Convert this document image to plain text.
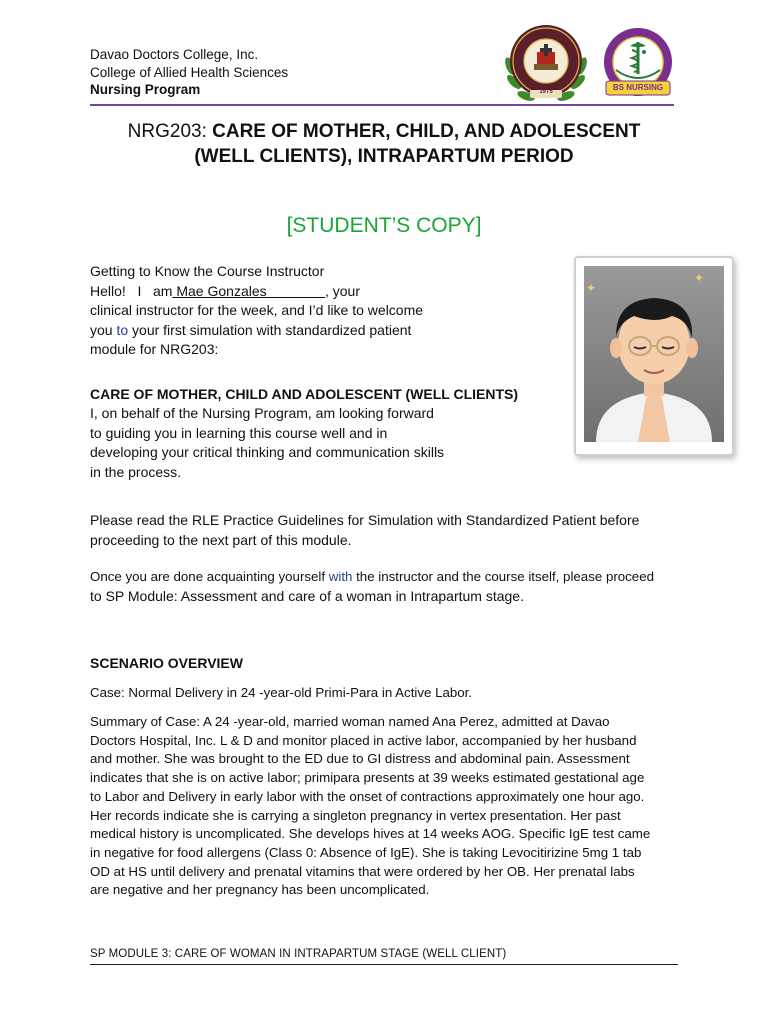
Davao Doctors College, Inc.
College of Allied Health Sciences
Nursing Program	1975	BS NURSING
NRG203: CARE OF MOTHER, CHILD, AND ADOLESCENT
(WELL CLIENTS), INTRAPARTUM PERIOD
[STUDENT’S COPY]
Getting to Know the Course Instructor
Hello!   I   am Mae Gonzales               , your
clinical instructor for the week, and I’d like to welcome
you to your first simulation with standardized patient
module for NRG203:
✦
✦
CARE OF MOTHER, CHILD AND ADOLESCENT (WELL CLIENTS)
I, on behalf of the Nursing Program, am looking forward
to guiding you in learning this course well and in
developing your critical thinking and communication skills
in the process.
Please read the RLE Practice Guidelines for Simulation with Standardized Patient before
proceeding to the next part of this module.
Once you are done acquainting yourself with the instructor and the course itself, please proceed
to SP Module: Assessment and care of a woman in Intrapartum stage.
SCENARIO OVERVIEW
Case: Normal Delivery in 24 -year-old Primi-Para in Active Labor.
Summary of Case: A 24 -year-old, married woman named Ana Perez, admitted at Davao
Doctors Hospital, Inc. L & D and monitor placed in active labor, accompanied by her husband
and mother. She was brought to the ED due to GI distress and abdominal pain. Assessment
indicates that she is on active labor; primipara presents at 39 weeks estimated gestational age
to Labor and Delivery in early labor with the onset of contractions approximately one hour ago.
Her records indicate she is carrying a singleton pregnancy in vertex presentation. Her past
medical history is uncomplicated. She develops hives at 14 weeks AOG. Specific IgE test came
in negative for food allergens (Class 0: Absence of IgE). She is taking Levocitirizine 5mg 1 tab
OD at HS until delivery and prenatal vitamins that were ordered by her OB. Her prenatal labs
are negative and her pregnancy has been uncomplicated.
SP MODULE 3: CARE OF WOMAN IN INTRAPARTUM STAGE (WELL CLIENT)
